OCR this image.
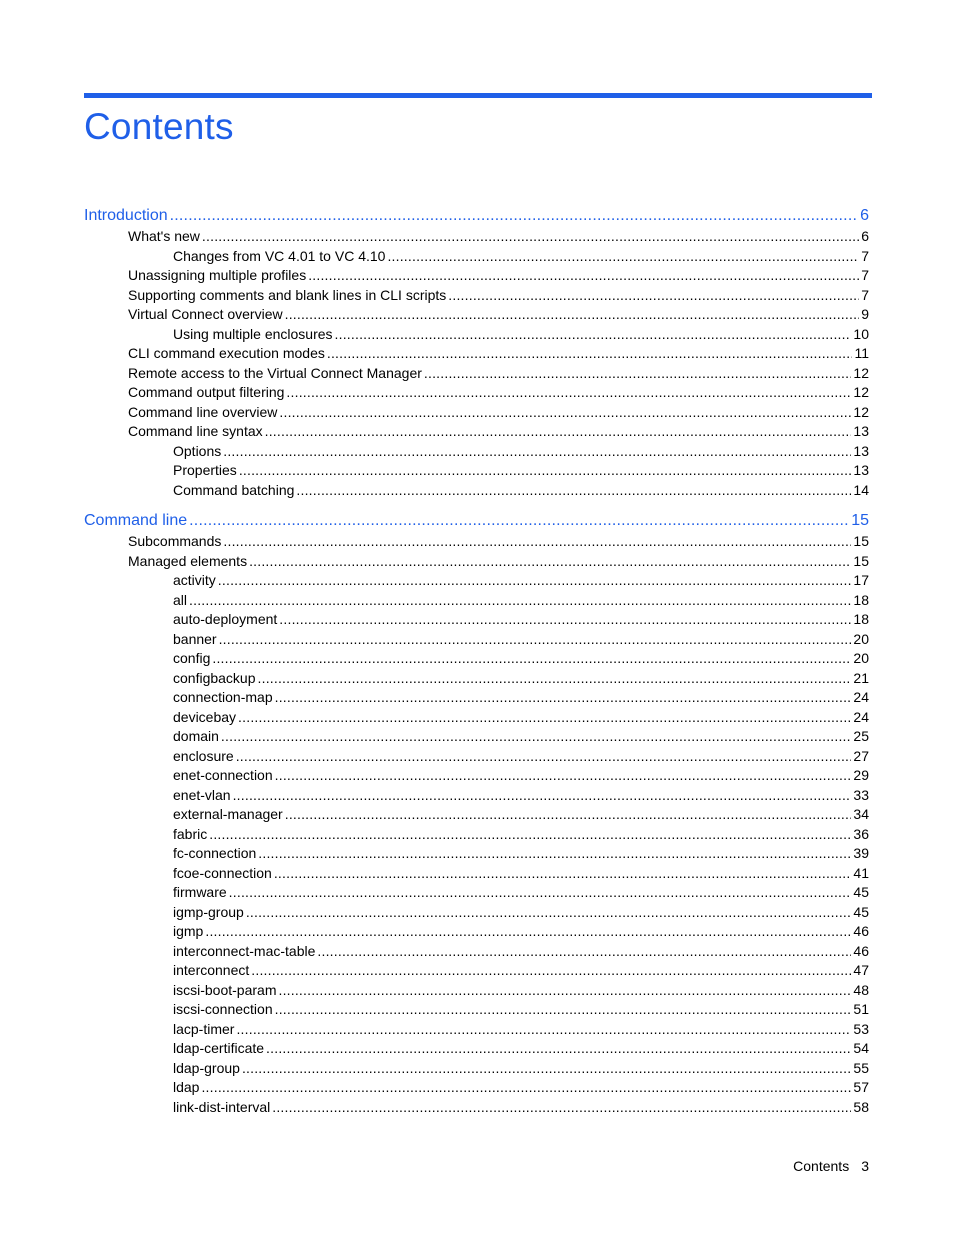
Contents
Introduction .....	6
What's new .....	6
Changes from VC 4.01 to VC 4.10 .....	7
Unassigning multiple profiles .....	7
Supporting comments and blank lines in CLI scripts .....	7
Virtual Connect overview .....	9
Using multiple enclosures .....	10
CLI command execution modes .....	11
Remote access to the Virtual Connect Manager .....	12
Command output filtering .....	12
Command line overview .....	12
Command line syntax .....	13
Options .....	13
Properties .....	13
Command batching .....	14
Command line .....	15
Subcommands .....	15
Managed elements .....	15
activity .....	17
all .....	18
auto-deployment .....	18
banner .....	20
config .....	20
configbackup .....	21
connection-map .....	24
devicebay .....	24
domain .....	25
enclosure .....	27
enet-connection .....	29
enet-vlan .....	33
external-manager .....	34
fabric .....	36
fc-connection .....	39
fcoe-connection .....	41
firmware .....	45
igmp-group .....	45
igmp .....	46
interconnect-mac-table .....	46
interconnect .....	47
iscsi-boot-param .....	48
iscsi-connection .....	51
lacp-timer .....	53
ldap-certificate .....	54
ldap-group .....	55
ldap .....	57
link-dist-interval .....	58
Contents 3
